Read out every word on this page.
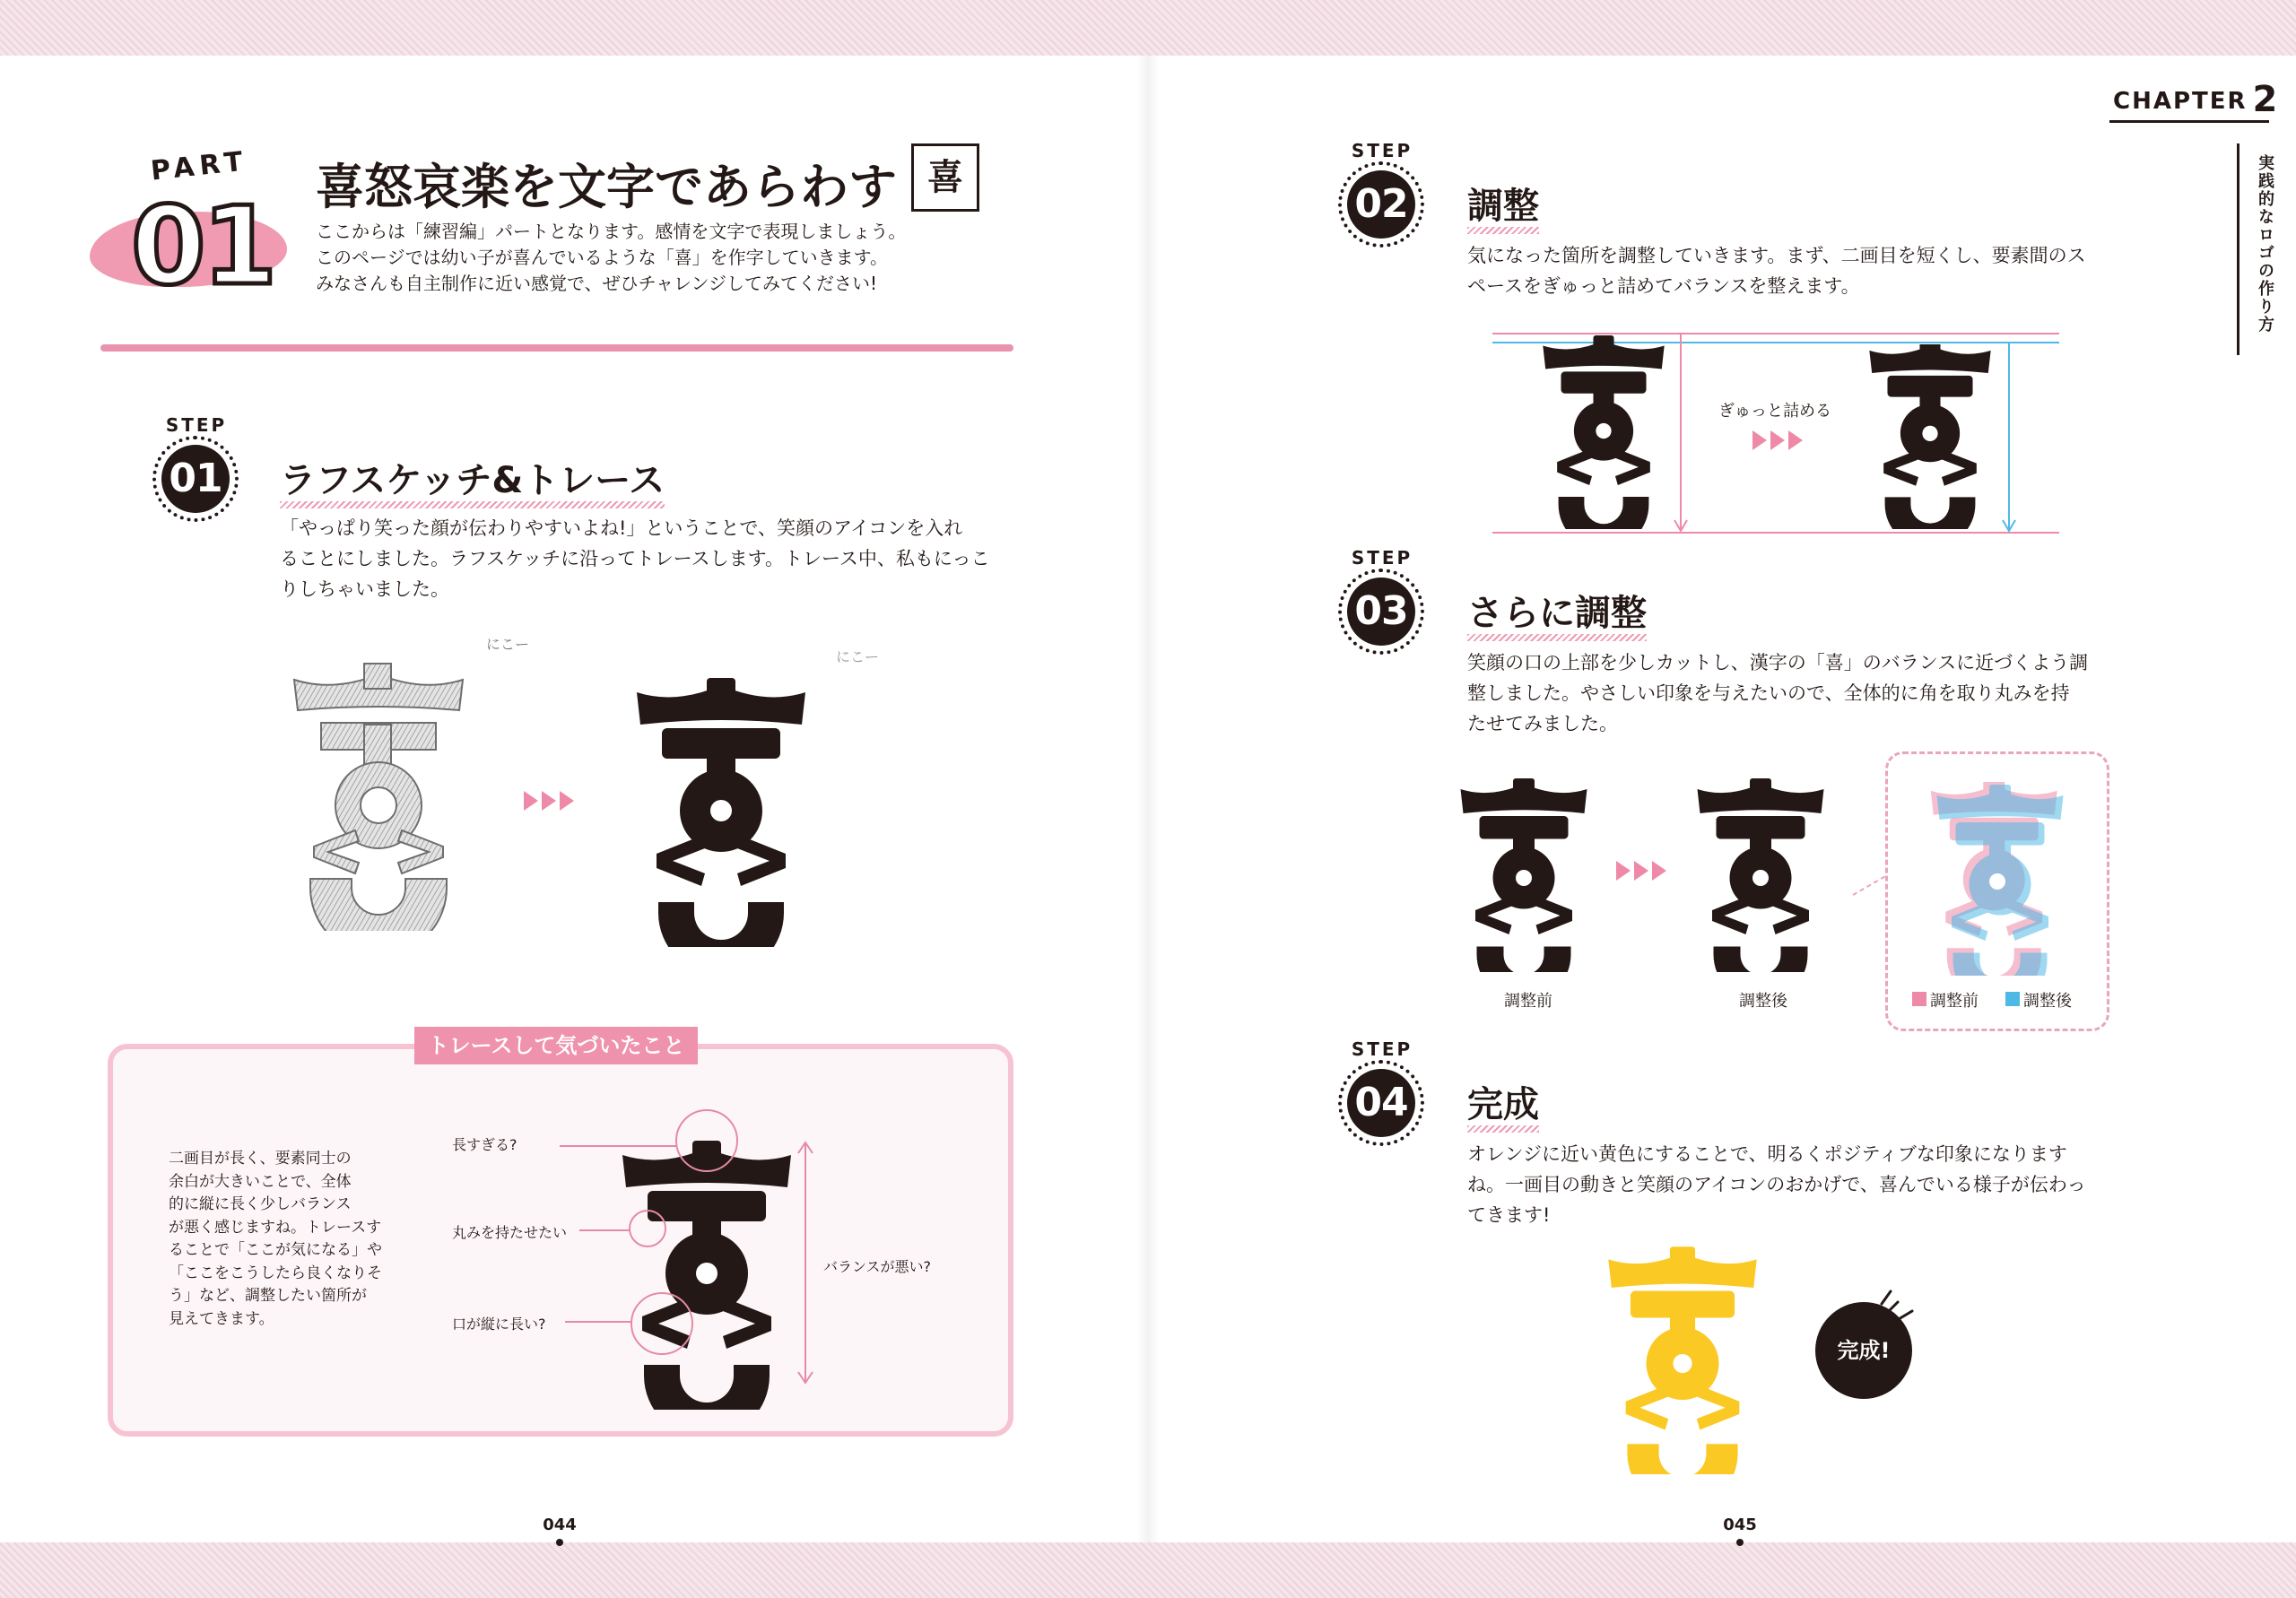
PART
01 喜怒哀楽を文字であらわす 喜
ここからは「練習編」パートとなります。感情を文字で表現しましょう。
このページでは幼い子が喜んでいるような「喜」を作字していきます。
みなさんも自主制作に近い感覚で、ぜひチャレンジしてみてください!
STEP
01 ラフスケッチ&トレース
「やっぱり笑った顔が伝わりやすいよね!」ということで、笑顔のアイコンを入れ
ることにしました。ラフスケッチに沿ってトレースします。トレース中、私もにっこ
りしちゃいました。
にこー
にこー
トレースして気づいたこと
二画目が長く、要素同士の
余白が大きいことで、全体
的に縦に長く少しバランス
が悪く感じますね。トレースす
ることで「ここが気になる」や
「ここをこうしたら良くなりそ
う」など、調整したい箇所が
見えてきます。
長すぎる?
丸みを持たせたい
口が縦に長い?
バランスが悪い?
044
CHAPTER 2
実践的なロゴの作り方
STEP
02 調整
気になった箇所を調整していきます。まず、二画目を短くし、要素間のス
ペースをぎゅっと詰めてバランスを整えます。
ぎゅっと詰める
STEP
03 さらに調整
笑顔の口の上部を少しカットし、漢字の「喜」のバランスに近づくよう調
整しました。やさしい印象を与えたいので、全体的に角を取り丸みを持
たせてみました。
調整前	調整後	調整前	調整後
STEP
04 完成
オレンジに近い黄色にすることで、明るくポジティブな印象になります
ね。一画目の動きと笑顔のアイコンのおかげで、喜んでいる様子が伝わっ
てきます!
完成!
045
